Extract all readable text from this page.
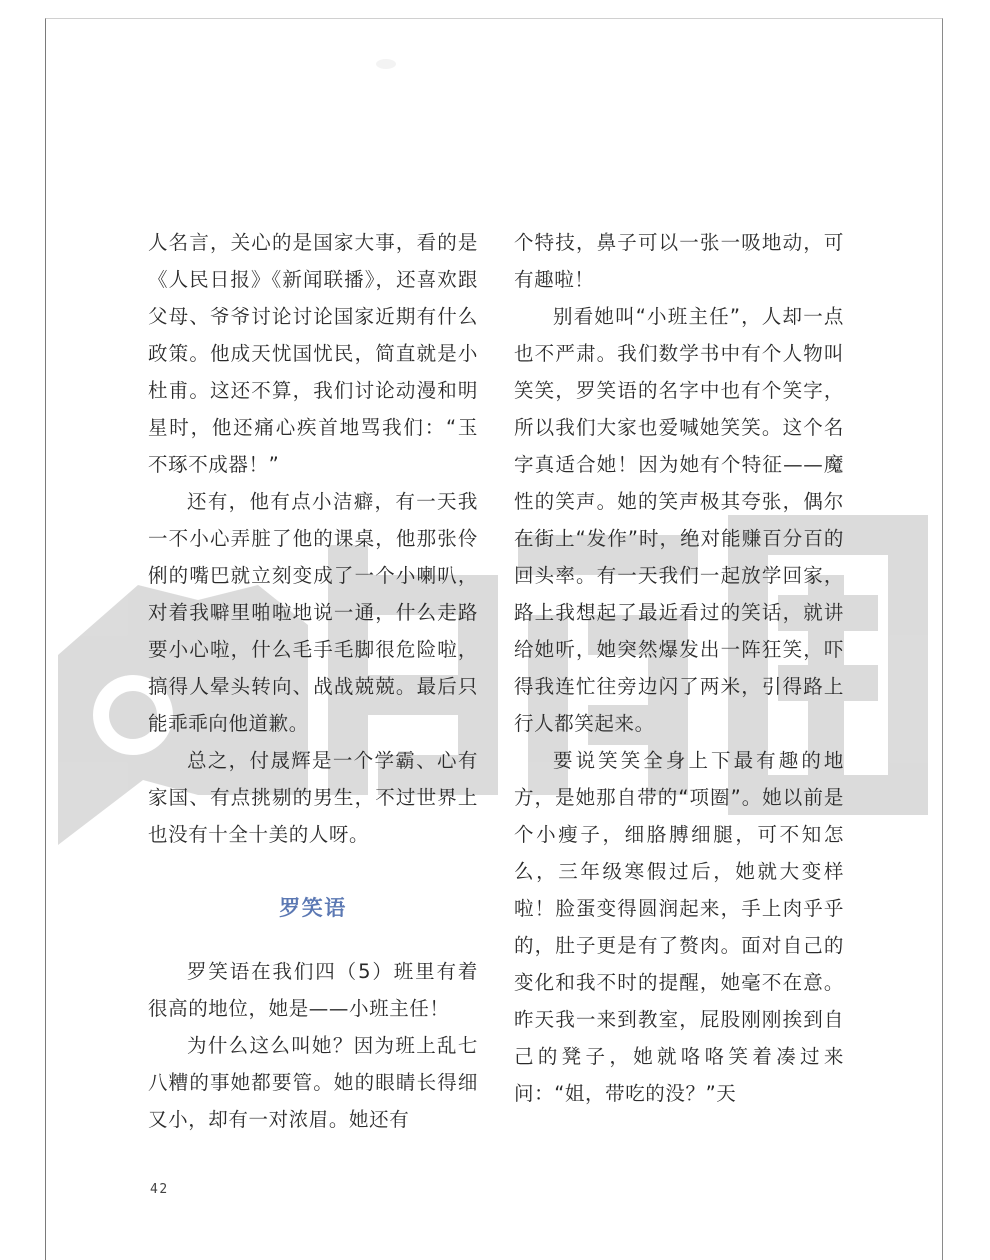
人名言，关心的是国家大事，看的是《人民日报》《新闻联播》，还喜欢跟父母、爷爷讨论讨论国家近期有什么政策。他成天忧国忧民，简直就是小杜甫。这还不算，我们讨论动漫和明星时，他还痛心疾首地骂我们：“玉不琢不成器！”

还有，他有点小洁癖，有一天我一不小心弄脏了他的课桌，他那张伶俐的嘴巴就立刻变成了一个小喇叭，对着我噼里啪啦地说一通，什么走路要小心啦，什么毛手毛脚很危险啦，搞得人晕头转向、战战兢兢。最后只能乖乖向他道歉。

总之，付晟辉是一个学霸、心有家国、有点挑剔的男生，不过世界上也没有十全十美的人呀。

罗笑语

罗笑语在我们四（5）班里有着很高的地位，她是——小班主任！

为什么这么叫她？因为班上乱七八糟的事她都要管。她的眼睛长得细又小，却有一对浓眉。她还有

个特技，鼻子可以一张一吸地动，可有趣啦！

别看她叫“小班主任”，人却一点也不严肃。我们数学书中有个人物叫笑笑，罗笑语的名字中也有个笑字，所以我们大家也爱喊她笑笑。这个名字真适合她！因为她有个特征——魔性的笑声。她的笑声极其夸张，偶尔在街上“发作”时，绝对能赚百分百的回头率。有一天我们一起放学回家，路上我想起了最近看过的笑话，就讲给她听，她突然爆发出一阵狂笑，吓得我连忙往旁边闪了两米，引得路上行人都笑起来。

要说笑笑全身上下最有趣的地方，是她那自带的“项圈”。她以前是个小瘦子，细胳膊细腿，可不知怎么，三年级寒假过后，她就大变样啦！脸蛋变得圆润起来，手上肉乎乎的，肚子更是有了赘肉。面对自己的变化和我不时的提醒，她毫不在意。昨天我一来到教室，屁股刚刚挨到自己的凳子，她就咯咯笑着凑过来问：“姐，带吃的没？”天

42
